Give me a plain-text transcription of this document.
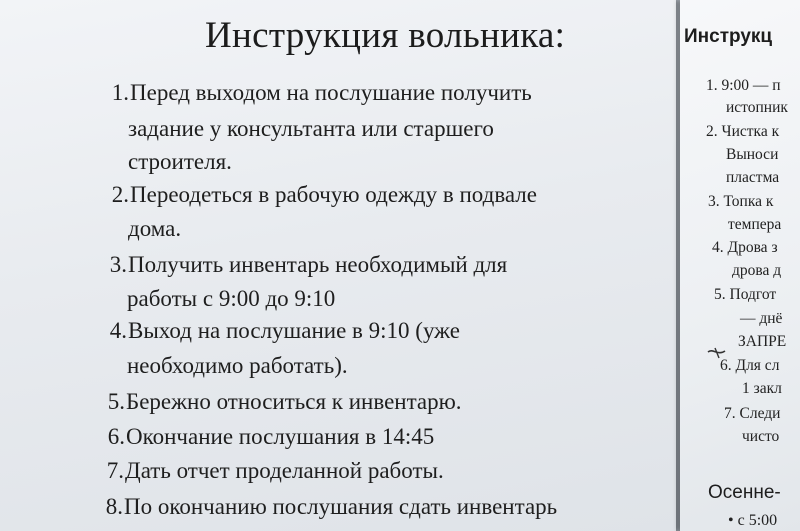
Инструкция вольника:
1. Перед выходом на послушание получить
задание у консультанта или старшего
строителя.
2. Переодеться в рабочую одежду в подвале
дома.
3. Получить инвентарь необходимый для
работы с 9:00 до 9:10
4. Выход на послушание в 9:10 (уже
необходимо работать).
5. Бережно относиться к инвентарю.
6. Окончание послушания в 14:45
7. Дать отчет проделанной работы.
8. По окончанию послушания сдать инвентарь
Инструкц
1. 9:00 — п
истопник
2. Чистка к
Выноси
пластма
3. Топка к
темпера
4. Дрова з
дрова д
5. Подгот
— днё
ЗАПРЕ
6. Для сл
1 закл
7. Следи
чисто
Осенне-
• с 5:00
